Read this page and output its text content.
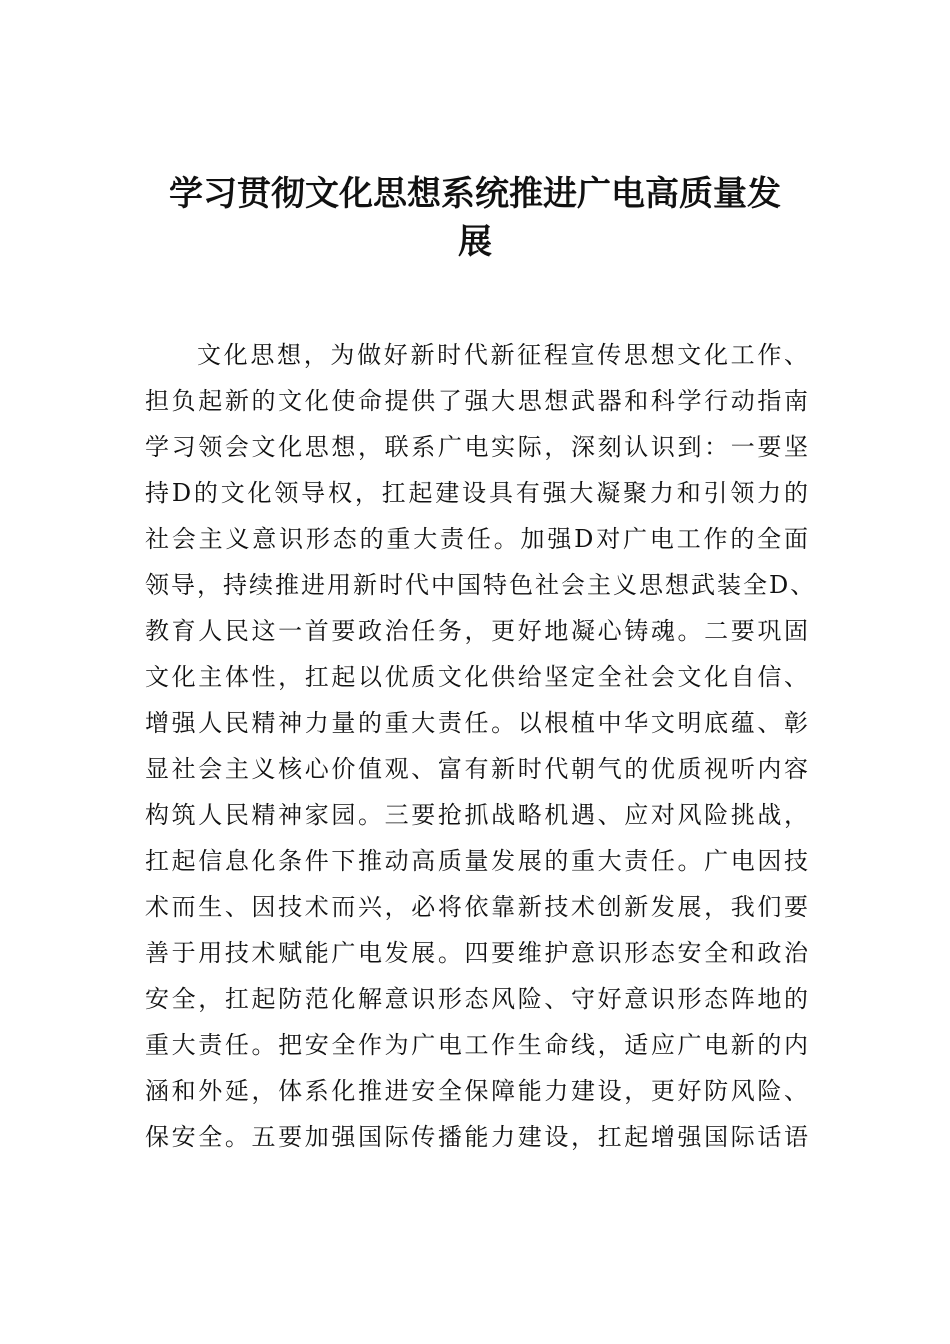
学习贯彻文化思想系统推进广电高质量发
展
文化思想，为做好新时代新征程宣传思想文化工作、
担负起新的文化使命提供了强大思想武器和科学行动指南
学习领会文化思想，联系广电实际，深刻认识到：一要坚
持D的文化领导权，扛起建设具有强大凝聚力和引领力的
社会主义意识形态的重大责任。加强D对广电工作的全面
领导，持续推进用新时代中国特色社会主义思想武装全D、
教育人民这一首要政治任务，更好地凝心铸魂。二要巩固
文化主体性，扛起以优质文化供给坚定全社会文化自信、
增强人民精神力量的重大责任。以根植中华文明底蕴、彰
显社会主义核心价值观、富有新时代朝气的优质视听内容
构筑人民精神家园。三要抢抓战略机遇、应对风险挑战，
扛起信息化条件下推动高质量发展的重大责任。广电因技
术而生、因技术而兴，必将依靠新技术创新发展，我们要
善于用技术赋能广电发展。四要维护意识形态安全和政治
安全，扛起防范化解意识形态风险、守好意识形态阵地的
重大责任。把安全作为广电工作生命线，适应广电新的内
涵和外延，体系化推进安全保障能力建设，更好防风险、
保安全。五要加强国际传播能力建设，扛起增强国际话语
